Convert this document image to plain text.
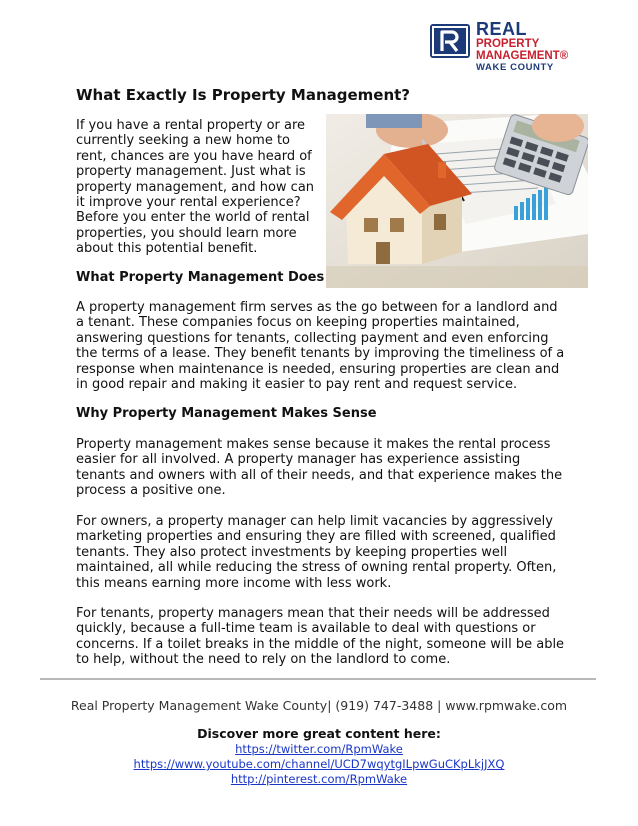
REAL
PROPERTY
MANAGEMENT®
WAKE COUNTY
What Exactly Is Property Management?

If you have a rental property or are currently seeking a new home to rent, chances are you have heard of property management. Just what is property management, and how can it improve your rental experience? Before you enter the world of rental properties, you should learn more about this potential benefit.

What Property Management Does

A property management firm serves as the go between for a landlord and a tenant. These companies focus on keeping properties maintained, answering questions for tenants, collecting payment and even enforcing the terms of a lease. They benefit tenants by improving the timeliness of a response when maintenance is needed, ensuring properties are clean and in good repair and making it easier to pay rent and request service.

Why Property Management Makes Sense

Property management makes sense because it makes the rental process easier for all involved. A property manager has experience assisting tenants and owners with all of their needs, and that experience makes the process a positive one.

For owners, a property manager can help limit vacancies by aggressively marketing properties and ensuring they are filled with screened, qualified tenants. They also protect investments by keeping properties well maintained, all while reducing the stress of owning rental property. Often, this means earning more income with less work.

For tenants, property managers mean that their needs will be addressed quickly, because a full-time team is available to deal with questions or concerns. If a toilet breaks in the middle of the night, someone will be able to help, without the need to rely on the landlord to come.

Real Property Management Wake County| (919) 747-3488 | www.rpmwake.com
Discover more great content here:
https://twitter.com/RpmWake
https://www.youtube.com/channel/UCD7wqytgILpwGuCKpLkjJXQ
http://pinterest.com/RpmWake
